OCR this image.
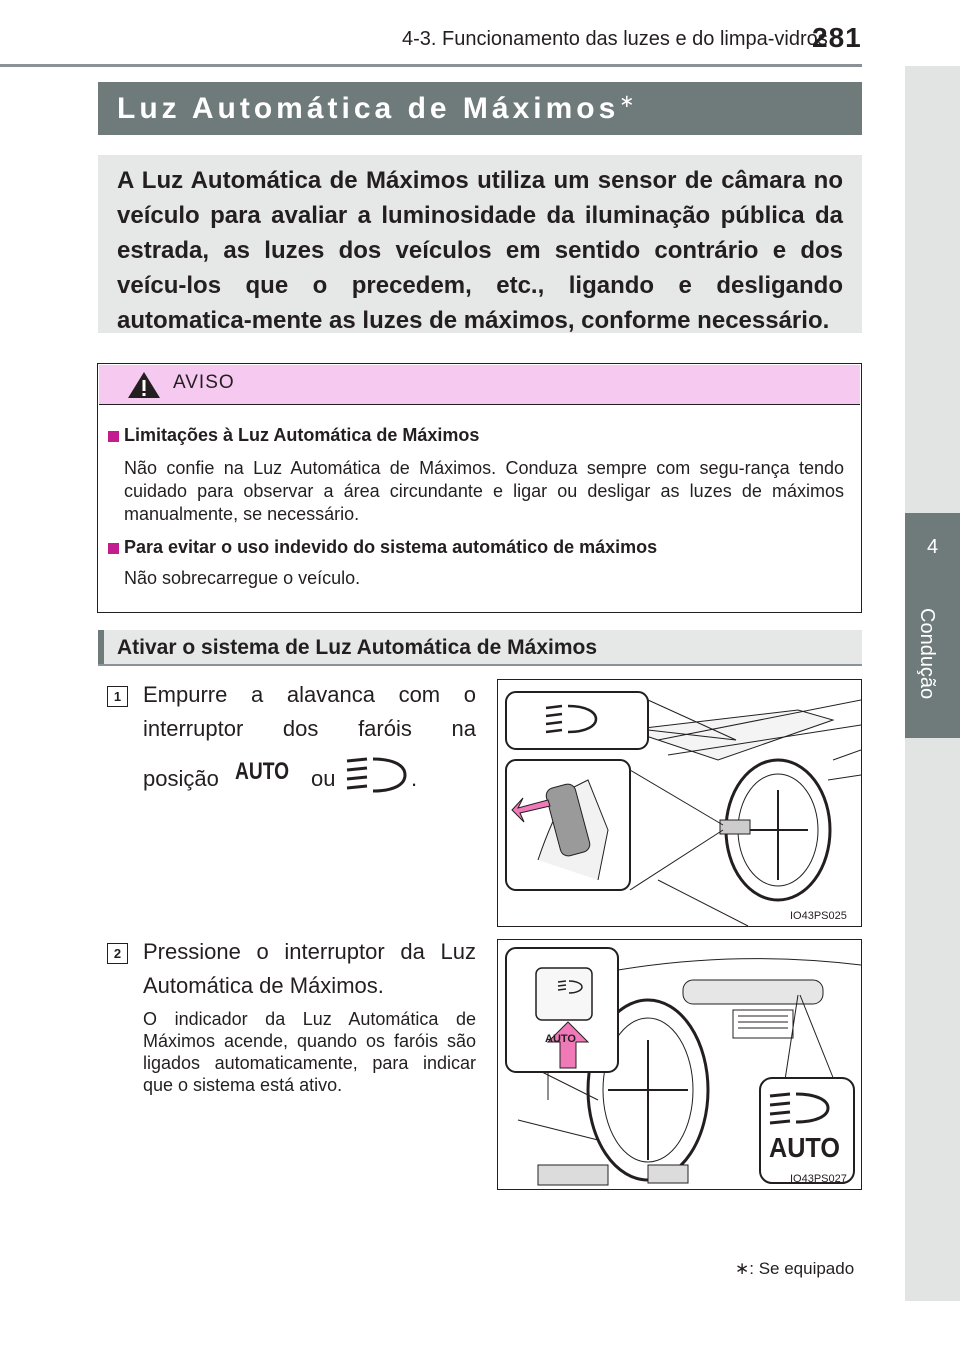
4-3. Funcionamento das luzes e do limpa-vidros
281
4
Condução
Luz Automática de Máximos∗
A Luz Automática de Máximos utiliza um sensor de câmara no veículo para avaliar a luminosidade da iluminação pública da estrada, as luzes dos veículos em sentido contrário e dos veícu-los que o precedem, etc., ligando e desligando automatica-mente as luzes de máximos, conforme necessário.
AVISO
Limitações à Luz Automática de Máximos
Não confie na Luz Automática de Máximos. Conduza sempre com segu-rança tendo cuidado para observar a área circundante e ligar ou desligar as luzes de máximos manualmente, se necessário.
Para evitar o uso indevido do sistema automático de máximos
Não sobrecarregue o veículo.
Ativar o sistema de Luz Automática de Máximos
1 Empurre a alavanca com o
interruptor dos faróis na
posição AUTO ou	.
IO43PS025
2 Pressione o interruptor da Luz Automática de Máximos.
O indicador da Luz Automática de Máximos acende, quando os faróis são ligados automaticamente, para indicar que o sistema está ativo.
AUTO
AUTO
IO43PS027
∗: Se equipado
